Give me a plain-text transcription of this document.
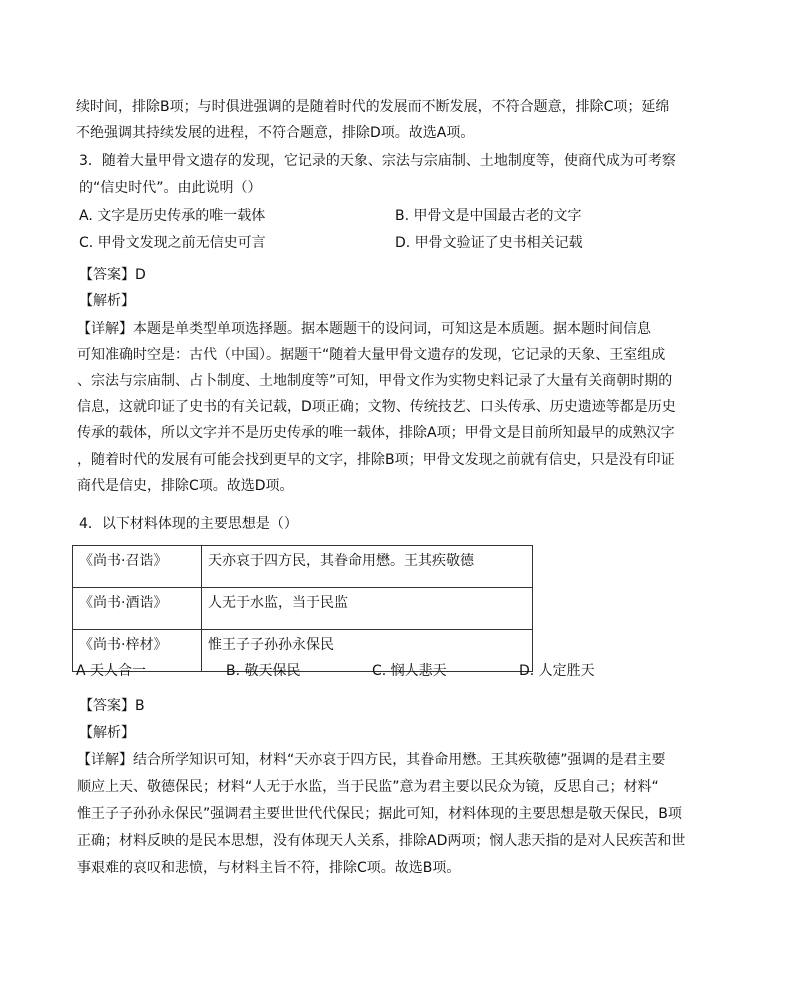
续时间，排除B项；与时俱进强调的是随着时代的发展而不断发展，不符合题意，排除C项；延绵
不绝强调其持续发展的进程，不符合题意，排除D项。故选A项。
3．随着大量甲骨文遗存的发现，它记录的天象、宗法与宗庙制、土地制度等，使商代成为可考察
的“信史时代”。由此说明（）
A. 文字是历史传承的唯一载体	B. 甲骨文是中国最古老的文字
C. 甲骨文发现之前无信史可言	D. 甲骨文验证了史书相关记载
【答案】D
【解析】
【详解】本题是单类型单项选择题。据本题题干的设问词，可知这是本质题。据本题时间信息
可知准确时空是：古代（中国）。据题干“随着大量甲骨文遗存的发现，它记录的天象、王室组成
、宗法与宗庙制、占卜制度、土地制度等”可知，甲骨文作为实物史料记录了大量有关商朝时期的
信息，这就印证了史书的有关记载，D项正确；文物、传统技艺、口头传承、历史遗迹等都是历史
传承的载体，所以文字并不是历史传承的唯一载体，排除A项；甲骨文是目前所知最早的成熟汉字
，随着时代的发展有可能会找到更早的文字，排除B项；甲骨文发现之前就有信史，只是没有印证
商代是信史，排除C项。故选D项。
4．以下材料体现的主要思想是（）
《尚书·召诰》	天亦哀于四方民，其眷命用懋。王其疾敬德
《尚书·酒诰》	人无于水监，当于民监
《尚书·梓材》	惟王子子孙孙永保民
A 天人合一	B. 敬天保民	C. 悯人悲天	D. 人定胜天
【答案】B
【解析】
【详解】结合所学知识可知，材料“天亦哀于四方民，其眷命用懋。王其疾敬德”强调的是君主要
顺应上天、敬德保民；材料“人无于水监，当于民监”意为君主要以民众为镜，反思自己；材料“
惟王子子孙孙永保民”强调君主要世世代代保民；据此可知，材料体现的主要思想是敬天保民，B项
正确；材料反映的是民本思想，没有体现天人关系，排除AD两项；悯人悲天指的是对人民疾苦和世
事艰难的哀叹和悲愤，与材料主旨不符，排除C项。故选B项。
